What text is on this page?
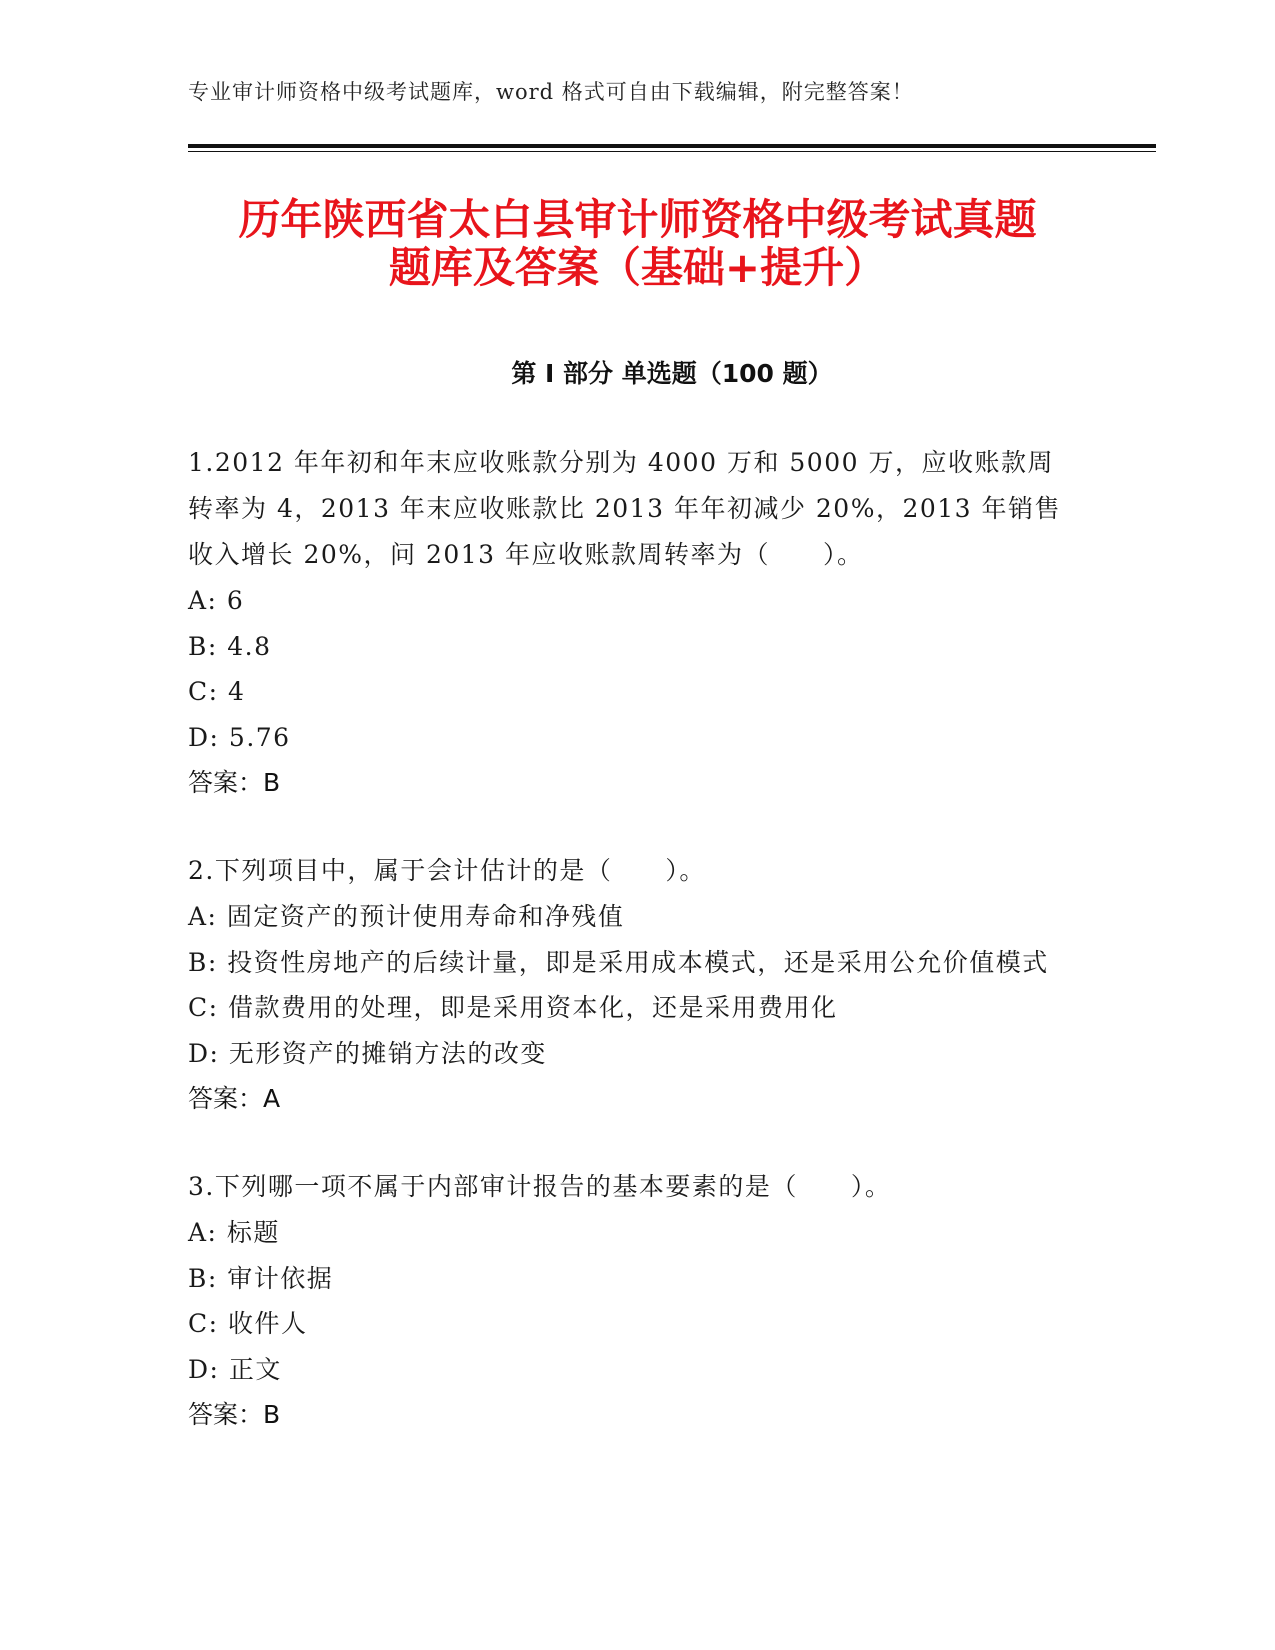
专业审计师资格中级考试题库，word 格式可自由下载编辑，附完整答案！
历年陕西省太白县审计师资格中级考试真题
题库及答案（基础+提升）
第 I 部分 单选题（100 题）
1.2012 年年初和年末应收账款分别为 4000 万和 5000 万，应收账款周转率为 4，2013 年末应收账款比 2013 年年初减少 20%，2013 年销售收入增长 20%，问 2013 年应收账款周转率为（　　）。
A: 6
B: 4.8
C: 4
D: 5.76
答案：B
2.下列项目中，属于会计估计的是（　　）。
A: 固定资产的预计使用寿命和净残值
B: 投资性房地产的后续计量，即是采用成本模式，还是采用公允价值模式
C: 借款费用的处理，即是采用资本化，还是采用费用化
D: 无形资产的摊销方法的改变
答案：A
3.下列哪一项不属于内部审计报告的基本要素的是（　　）。
A: 标题
B: 审计依据
C: 收件人
D: 正文
答案：B
